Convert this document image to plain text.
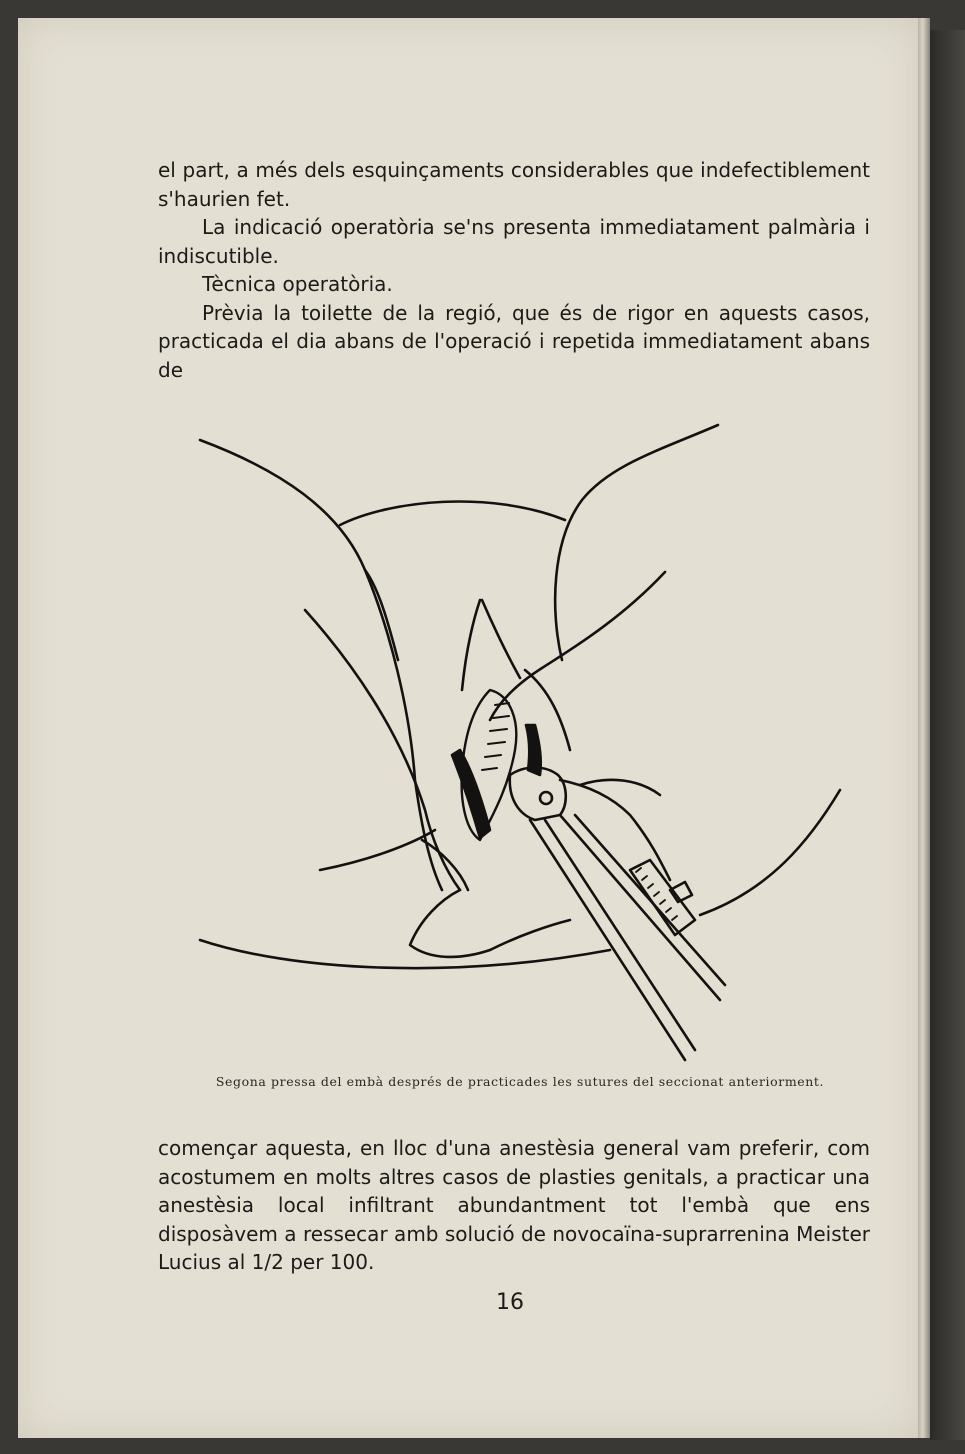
el part, a més dels esquinçaments considerables que indefectiblement s'haurien fet.

La indicació operatòria se'ns presenta immediatament palmària i indiscutible.

Tècnica operatòria.

Prèvia la toilette de la regió, que és de rigor en aquests casos, practicada el dia abans de l'operació i repetida immediatament abans de

Segona pressa del embà després de practicades les sutures del seccionat anteriorment.

començar aquesta, en lloc d'una anestèsia general vam preferir, com acostumem en molts altres casos de plasties genitals, a practicar una anestèsia local infiltrant abundantment tot l'embà que ens disposàvem a ressecar amb solució de novocaïna-suprarrenina Meister Lucius al 1/2 per 100.

16
